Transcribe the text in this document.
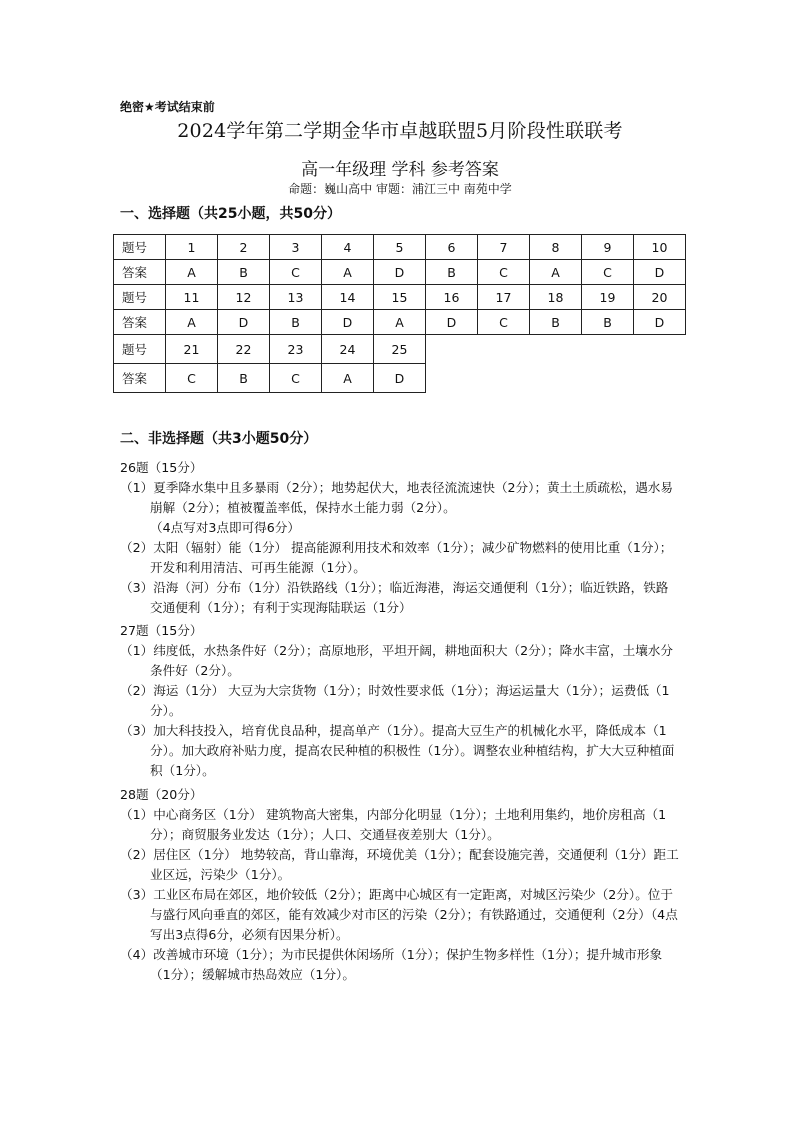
绝密★考试结束前
2024学年第二学期金华市卓越联盟5月阶段性联联考
高一年级理 学科 参考答案
命题：巍山高中 审题：浦江三中 南苑中学
一、选择题（共25小题，共50分）
题号	1	2	3	4	5	6	7	8	9	10
答案	A	B	C	A	D	B	C	A	C	D
题号	11	12	13	14	15	16	17	18	19	20
答案	A	D	B	D	A	D	C	B	B	D
题号	21	22	23	24	25					
答案	C	B	C	A	D					
二、非选择题（共3小题50分）
26题（15分）
（1）夏季降水集中且多暴雨（2分）；地势起伏大，地表径流流速快（2分）；黄土土质疏松，遇水易崩解（2分）；植被覆盖率低，保持水土能力弱（2分）。
（4点写对3点即可得6分）
（2）太阳（辐射）能（1分） 提高能源利用技术和效率（1分）；减少矿物燃料的使用比重（1分）；开发和利用清洁、可再生能源（1分）。
（3）沿海（河）分布（1分）沿铁路线（1分）；临近海港，海运交通便利（1分）；临近铁路，铁路交通便利（1分）；有利于实现海陆联运（1分）
27题（15分）
（1）纬度低，水热条件好（2分）；高原地形，平坦开阔，耕地面积大（2分）；降水丰富，土壤水分条件好（2分）。
（2）海运（1分） 大豆为大宗货物（1分）；时效性要求低（1分）；海运运量大（1分）；运费低（1分）。
（3）加大科技投入，培育优良品种，提高单产（1分）。提高大豆生产的机械化水平，降低成本（1分）。加大政府补贴力度，提高农民种植的积极性（1分）。调整农业种植结构，扩大大豆种植面积（1分）。
28题（20分）
（1）中心商务区（1分） 建筑物高大密集，内部分化明显（1分）；土地利用集约，地价房租高（1分）；商贸服务业发达（1分）；人口、交通昼夜差别大（1分）。
（2）居住区（1分） 地势较高，背山靠海，环境优美（1分）；配套设施完善，交通便利（1分）距工业区远，污染少（1分）。
（3）工业区布局在郊区，地价较低（2分）；距离中心城区有一定距离，对城区污染少（2分）。位于与盛行风向垂直的郊区，能有效减少对市区的污染（2分）；有铁路通过，交通便利（2分）（4点写出3点得6分，必须有因果分析）。
（4）改善城市环境（1分）；为市民提供休闲场所（1分）；保护生物多样性（1分）；提升城市形象（1分）；缓解城市热岛效应（1分）。
